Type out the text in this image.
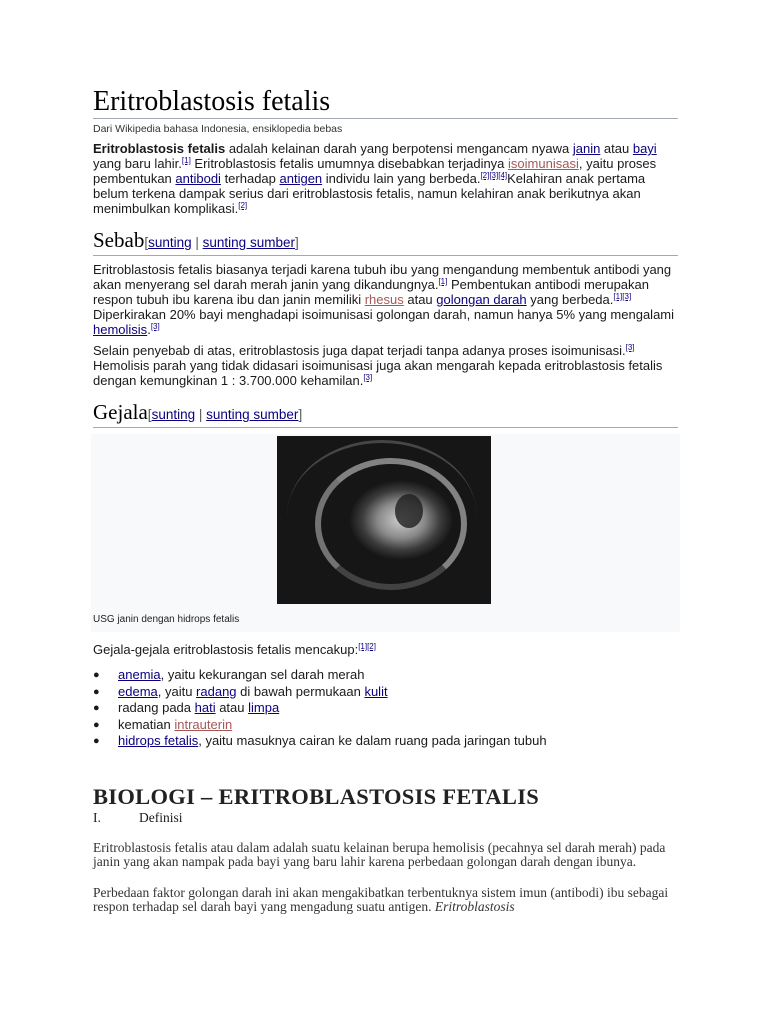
Eritroblastosis fetalis
Dari Wikipedia bahasa Indonesia, ensiklopedia bebas

Eritroblastosis fetalis adalah kelainan darah yang berpotensi mengancam nyawa janin atau bayi yang baru lahir.[1] Eritroblastosis fetalis umumnya disebabkan terjadinya isoimunisasi, yaitu proses pembentukan antibodi terhadap antigen individu lain yang berbeda.[2][3][4]Kelahiran anak pertama belum terkena dampak serius dari eritroblastosis fetalis, namun kelahiran anak berikutnya akan menimbulkan komplikasi.[2]

Sebab[sunting | sunting sumber]

Eritroblastosis fetalis biasanya terjadi karena tubuh ibu yang mengandung membentuk antibodi yang akan menyerang sel darah merah janin yang dikandungnya.[1] Pembentukan antibodi merupakan respon tubuh ibu karena ibu dan janin memiliki rhesus atau golongan darah yang berbeda.[1][3] Diperkirakan 20% bayi menghadapi isoimunisasi golongan darah, namun hanya 5% yang mengalami hemolisis.[3]

Selain penyebab di atas, eritroblastosis juga dapat terjadi tanpa adanya proses isoimunisasi.[3] Hemolisis parah yang tidak didasari isoimunisasi juga akan mengarah kepada eritroblastosis fetalis dengan kemungkinan 1 : 3.700.000 kehamilan.[3]

Gejala[sunting | sunting sumber]
USG janin dengan hidrops fetalis

Gejala-gejala eritroblastosis fetalis mencakup:[1][2]

● anemia, yaitu kekurangan sel darah merah
● edema, yaitu radang di bawah permukaan kulit
● radang pada hati atau limpa
● kematian intrauterin
● hidrops fetalis, yaitu masuknya cairan ke dalam ruang pada jaringan tubuh
BIOLOGI – ERITROBLASTOSIS FETALIS
I.	Definisi

Eritroblastosis fetalis atau dalam adalah suatu kelainan berupa hemolisis (pecahnya sel darah merah) pada janin yang akan nampak pada bayi yang baru lahir karena perbedaan golongan darah dengan ibunya.

Perbedaan faktor golongan darah ini akan mengakibatkan terbentuknya sistem imun (antibodi) ibu sebagai respon terhadap sel darah bayi yang mengadung suatu antigen. Eritroblastosis
